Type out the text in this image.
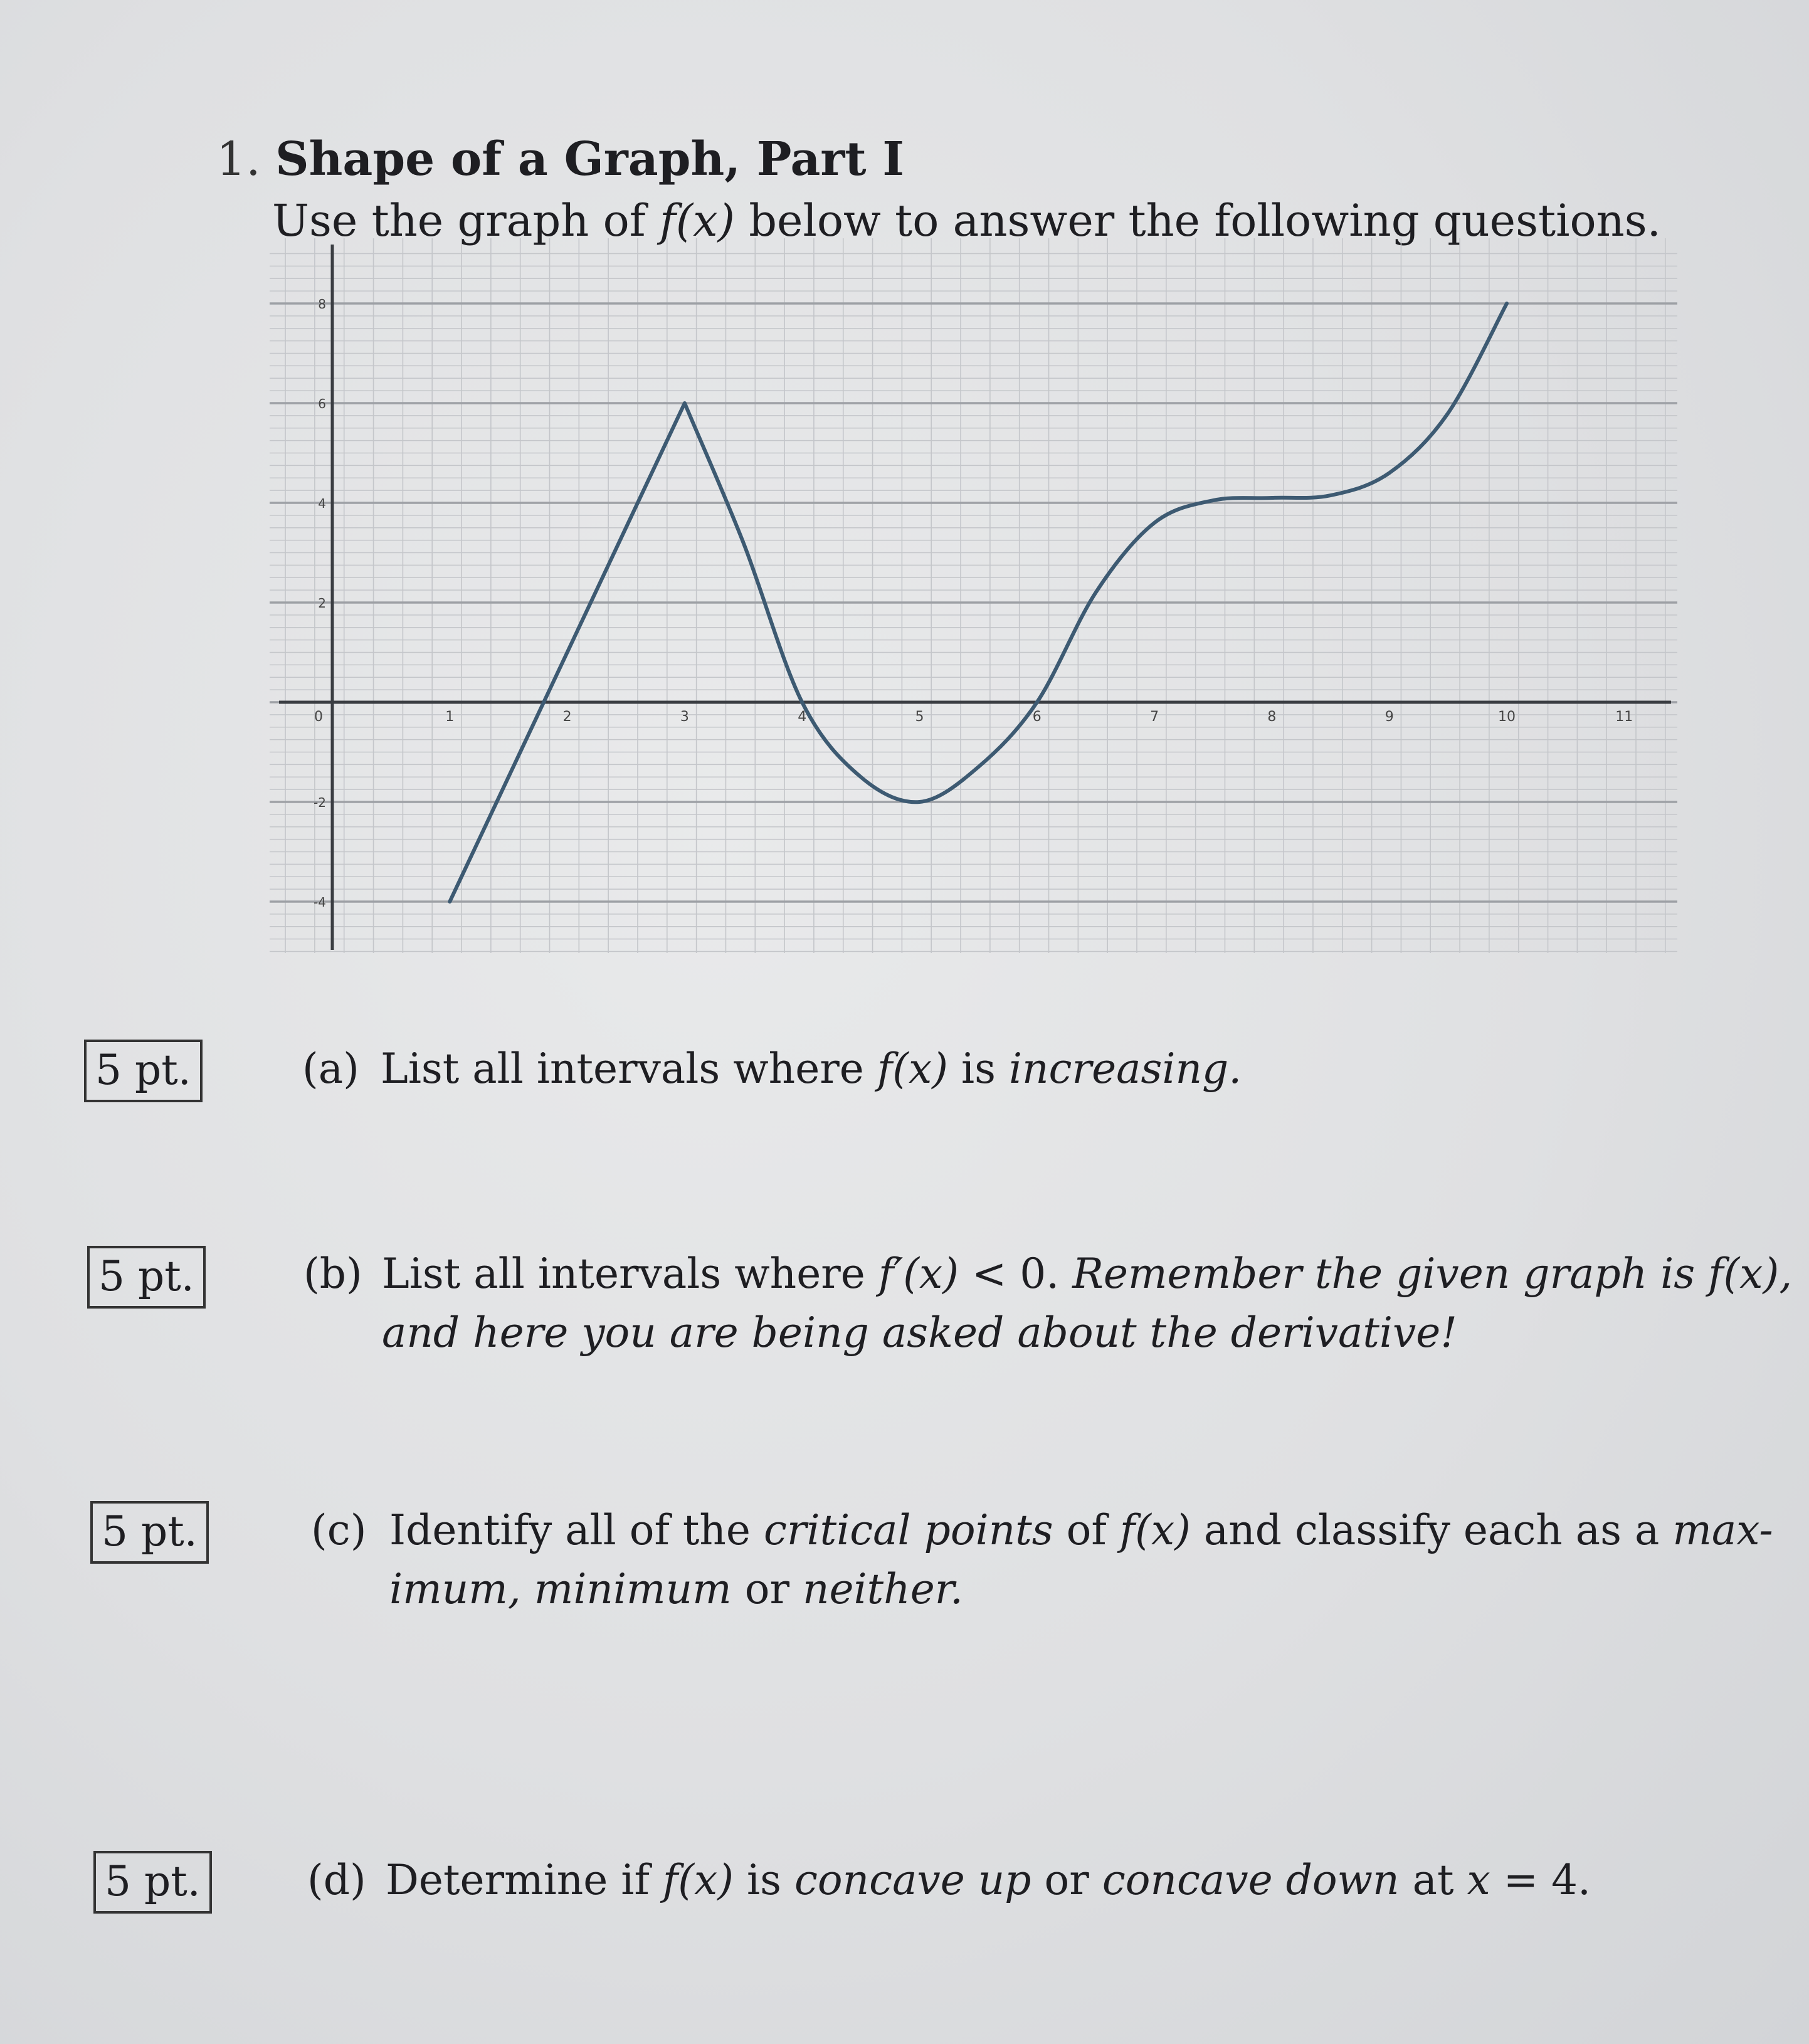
1. Shape of a Graph, Part I
Use the graph of f(x) below to answer the following questions.
0	1	2	3	4	5	6	7	8	9	10	11
8
6
4
2
-2
-4
5 pt.	(a) List all intervals where f(x) is increasing.
5 pt.	(b) List all intervals where f′(x) < 0. Remember the given graph is f(x),
and here you are being asked about the derivative!
5 pt.	(c) Identify all of the critical points of f(x) and classify each as a max-
imum, minimum or neither.
5 pt.	(d) Determine if f(x) is concave up or concave down at x = 4.
